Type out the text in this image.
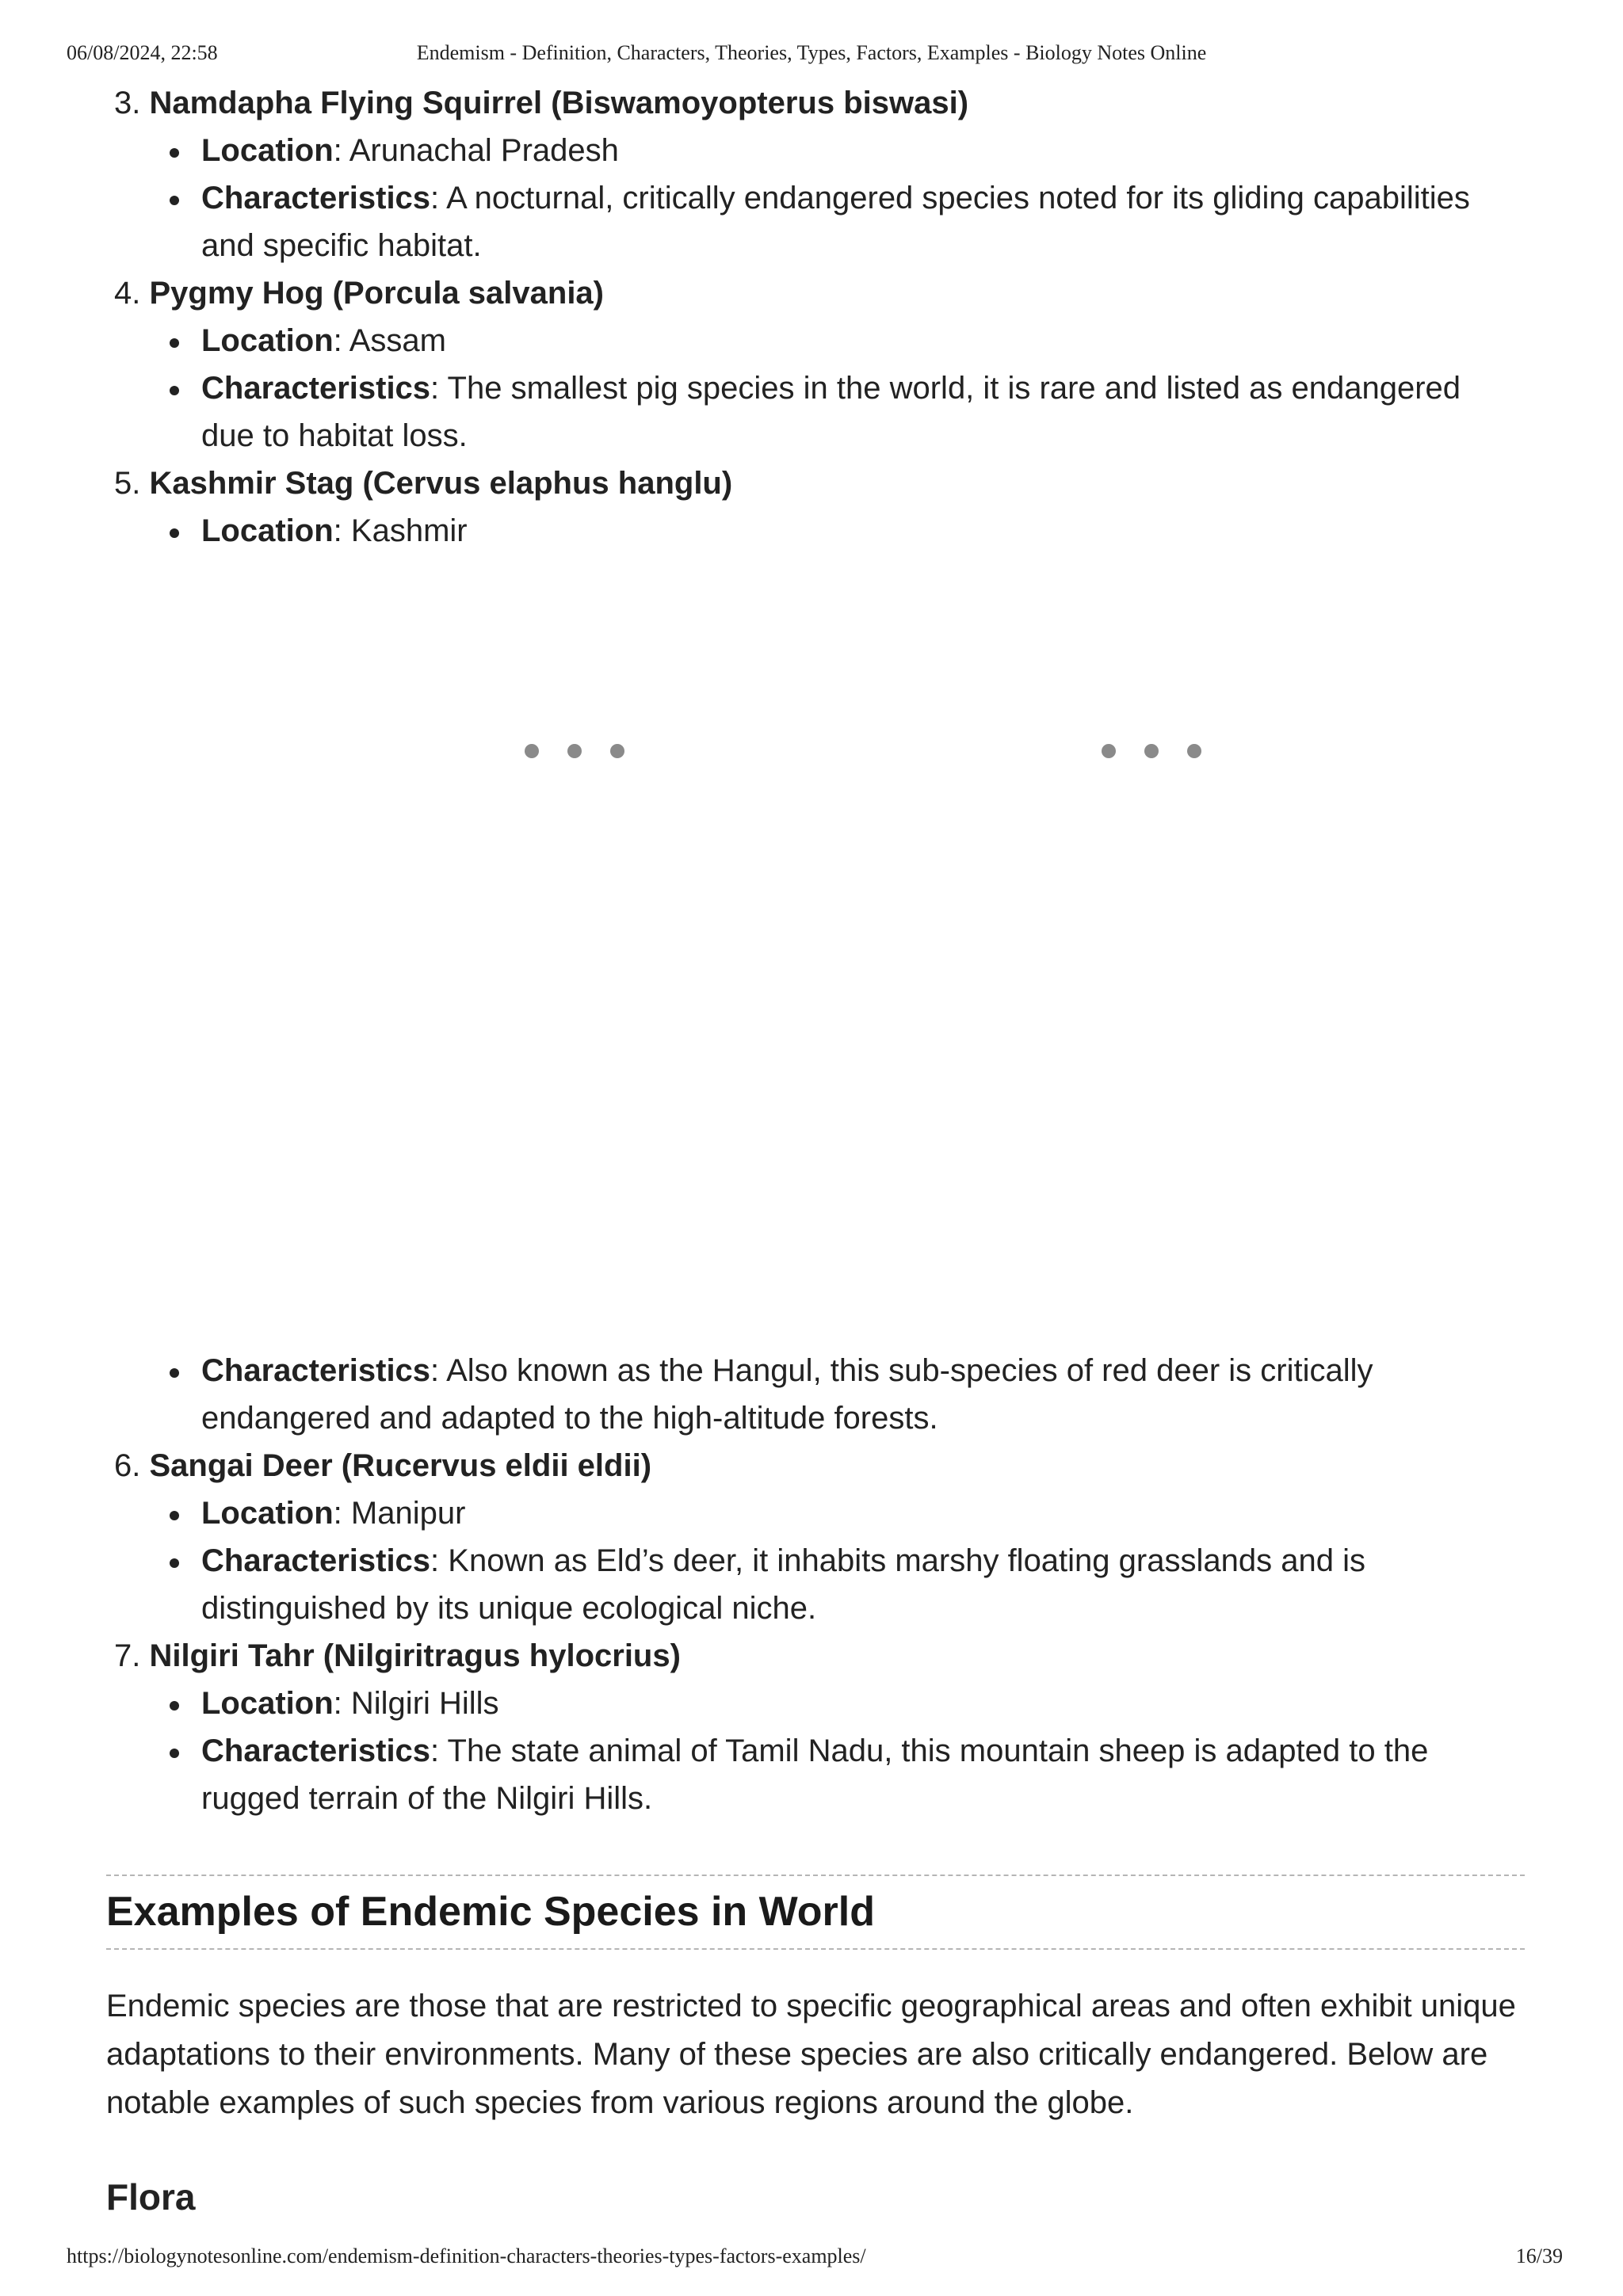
06/08/2024, 22:58	Endemism - Definition, Characters, Theories, Types, Factors, Examples - Biology Notes Online
3. Namdapha Flying Squirrel (Biswamoyopterus biswasi)
Location: Arunachal Pradesh
Characteristics: A nocturnal, critically endangered species noted for its gliding capabilities
and specific habitat.
4. Pygmy Hog (Porcula salvania)
Location: Assam
Characteristics: The smallest pig species in the world, it is rare and listed as endangered
due to habitat loss.
5. Kashmir Stag (Cervus elaphus hanglu)
Location: Kashmir
Characteristics: Also known as the Hangul, this sub-species of red deer is critically
endangered and adapted to the high-altitude forests.
6. Sangai Deer (Rucervus eldii eldii)
Location: Manipur
Characteristics: Known as Eld’s deer, it inhabits marshy floating grasslands and is
distinguished by its unique ecological niche.
7. Nilgiri Tahr (Nilgiritragus hylocrius)
Location: Nilgiri Hills
Characteristics: The state animal of Tamil Nadu, this mountain sheep is adapted to the
rugged terrain of the Nilgiri Hills.
Examples of Endemic Species in World

Endemic species are those that are restricted to specific geographical areas and often exhibit unique
adaptations to their environments. Many of these species are also critically endangered. Below are
notable examples of such species from various regions around the globe.

Flora
https://biologynotesonline.com/endemism-definition-characters-theories-types-factors-examples/	16/39
